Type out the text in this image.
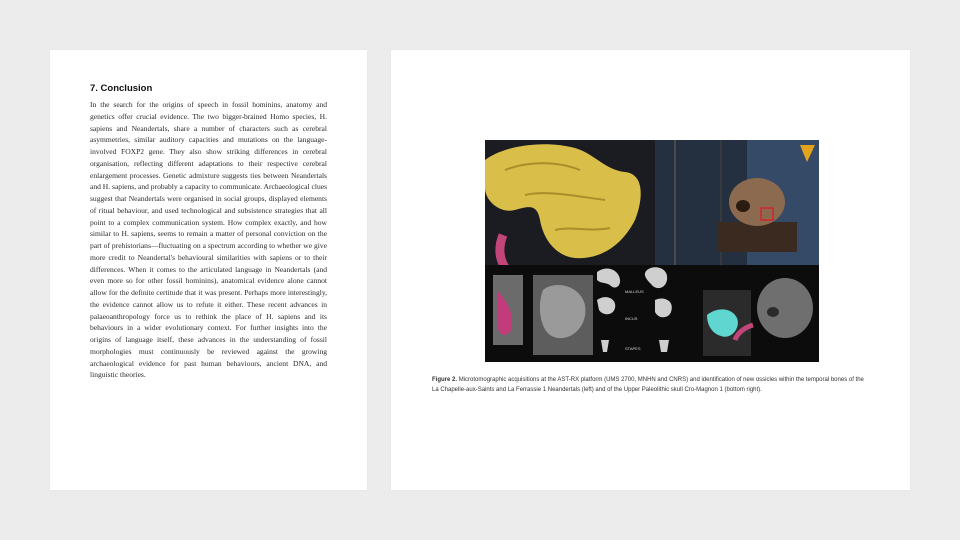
7. Conclusion
In the search for the origins of speech in fossil hominins, anatomy and genetics offer crucial evidence. The two bigger-brained Homo species, H. sapiens and Neandertals, share a number of characters such as cerebral asymmetries, similar auditory capacities and mutations on the language-involved FOXP2 gene. They also show striking differences in cerebral organisation, reflecting different adaptations to their respective cerebral enlargement processes. Genetic admixture suggests ties between Neandertals and H. sapiens, and probably a capacity to communicate. Archaeological clues suggest that Neandertals were organised in social groups, displayed elements of ritual behaviour, and used technological and subsistence strategies that all point to a complex communication system. How complex exactly, and how similar to H. sapiens, seems to remain a matter of personal conviction on the part of prehistorians—fluctuating on a spectrum according to whether we give more credit to Neandertal's behavioural similarities with sapiens or to their differences. When it comes to the articulated language in Neandertals (and even more so for other fossil hominins), anatomical evidence alone cannot allow for the definite certitude that it was present. Perhaps more interestingly, the evidence cannot allow us to refute it either. These recent advances in palaeoanthropology force us to rethink the place of H. sapiens and its behaviours in a wider evolutionary context. For further insights into the origins of language itself, these advances in the understanding of fossil morphologies must continuously be reviewed against the growing archaeological evidence for past human behaviours, ancient DNA, and linguistic theories.
MALLEUS
INCUS
STAPES
Figure 2. Microtomographic acquisitions at the AST-RX platform (UMS 2700, MNHN and CNRS) and identification of new ossicles within the temporal bones of the La Chapelle-aux-Saints and La Ferrassie 1 Neandertals (left) and of the Upper Paleolithic skull Cro-Magnon 1 (bottom right).
